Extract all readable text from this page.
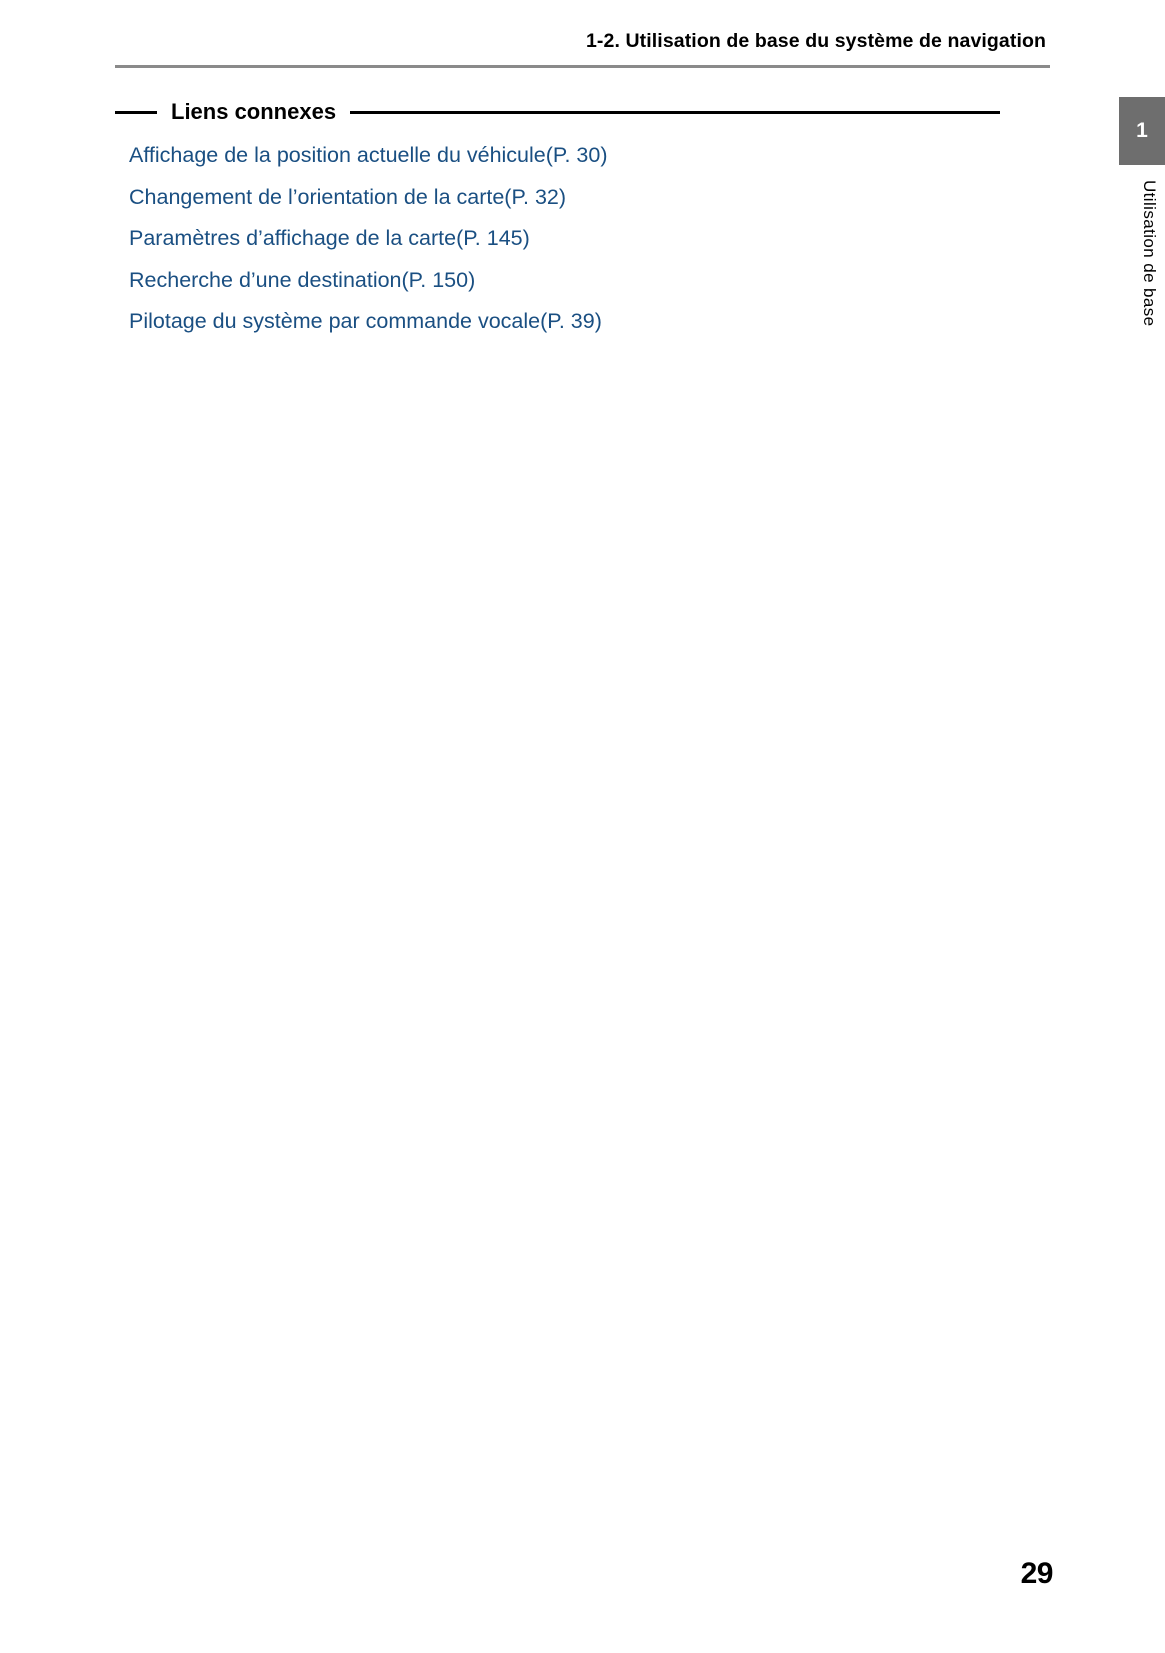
1-2. Utilisation de base du système de navigation
Liens connexes
Affichage de la position actuelle du véhicule(P. 30)
Changement de l’orientation de la carte(P. 32)
Paramètres d’affichage de la carte(P. 145)
Recherche d’une destination(P. 150)
Pilotage du système par commande vocale(P. 39)
1
Utilisation de base
29
